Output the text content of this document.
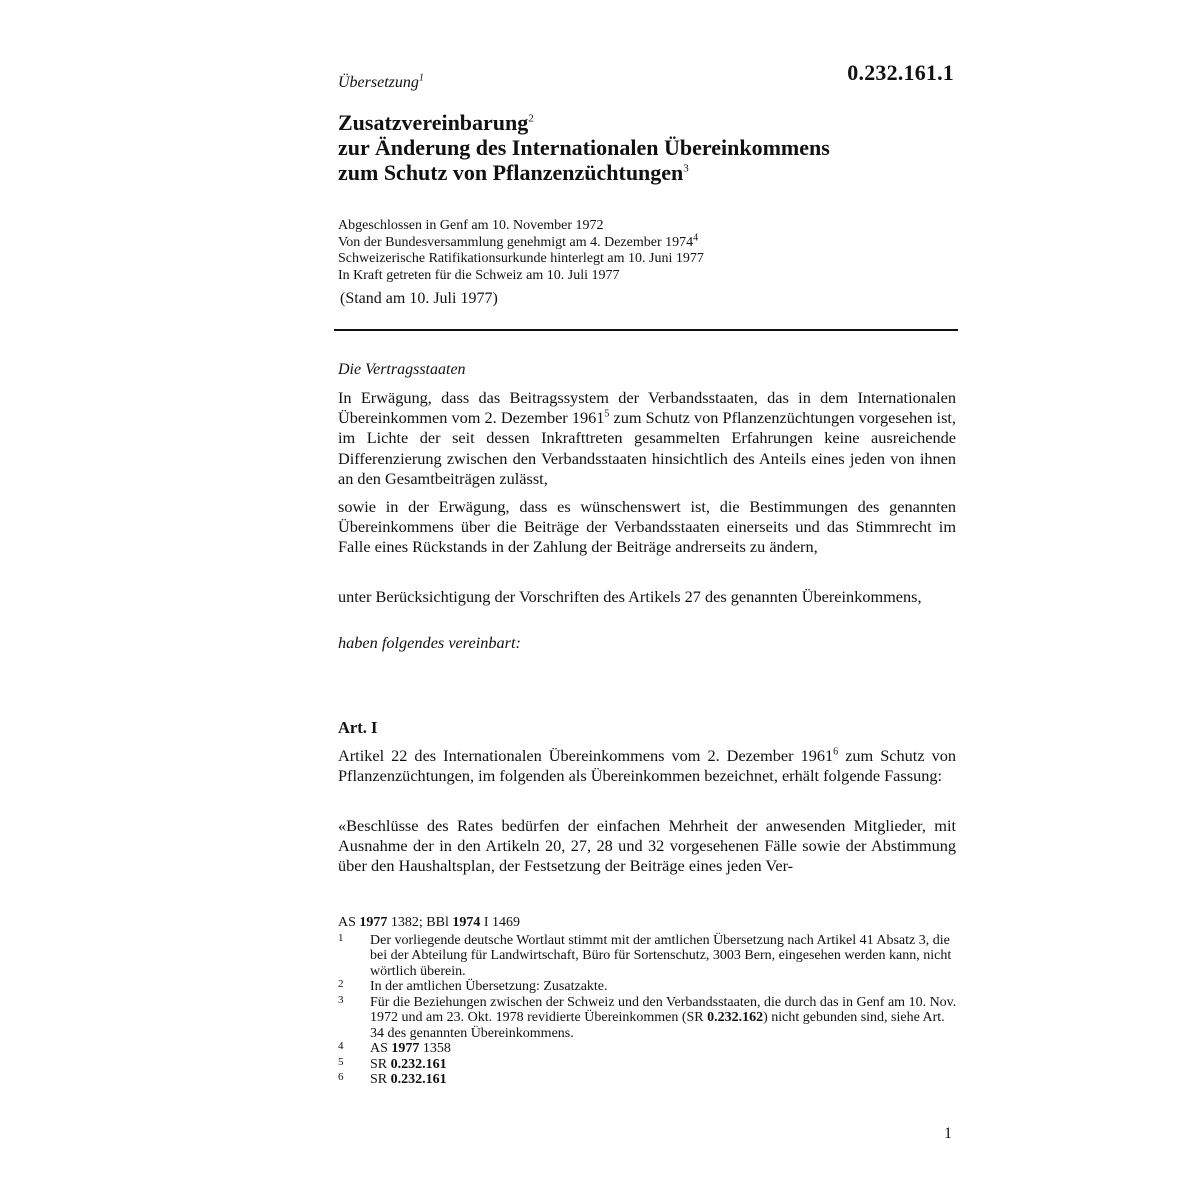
Übersetzung$^1$	0.232.161.1
Zusatzvereinbarung$^2$
zur Änderung des Internationalen Übereinkommens
zum Schutz von Pflanzenzüchtungen$^3$
Abgeschlossen in Genf am 10. November 1972
Von der Bundesversammlung genehmigt am 4. Dezember 1974$^4$
Schweizerische Ratifikationsurkunde hinterlegt am 10. Juni 1977
In Kraft getreten für die Schweiz am 10. Juli 1977
(Stand am 10. Juli 1977)
Die Vertragsstaaten

In Erwägung, dass das Beitragssystem der Verbandsstaaten, das in dem Internationalen Übereinkommen vom 2. Dezember 1961$^5$ zum Schutz von Pflanzenzüchtungen vorgesehen ist, im Lichte der seit dessen Inkrafttreten gesammelten Erfahrungen keine ausreichende Differenzierung zwischen den Verbandsstaaten hinsichtlich des Anteils eines jeden von ihnen an den Gesamtbeiträgen zulässt,

sowie in der Erwägung, dass es wünschenswert ist, die Bestimmungen des genannten Übereinkommens über die Beiträge der Verbandsstaaten einerseits und das Stimmrecht im Falle eines Rückstands in der Zahlung der Beiträge andrerseits zu ändern,

unter Berücksichtigung der Vorschriften des Artikels 27 des genannten Übereinkommens,

haben folgendes vereinbart:
Art. I

Artikel 22 des Internationalen Übereinkommens vom 2. Dezember 1961$^6$ zum Schutz von Pflanzenzüchtungen, im folgenden als Übereinkommen bezeichnet, erhält folgende Fassung:

«Beschlüsse des Rates bedürfen der einfachen Mehrheit der anwesenden Mitglieder, mit Ausnahme der in den Artikeln 20, 27, 28 und 32 vorgesehenen Fälle sowie der Abstimmung über den Haushaltsplan, der Festsetzung der Beiträge eines jeden Ver-

AS 1977 1382; BBl 1974 I 1469
1 Der vorliegende deutsche Wortlaut stimmt mit der amtlichen Übersetzung nach Artikel 41 Absatz 3, die bei der Abteilung für Landwirtschaft, Büro für Sortenschutz, 3003 Bern, eingesehen werden kann, nicht wörtlich überein.
2 In der amtlichen Übersetzung: Zusatzakte.
3 Für die Beziehungen zwischen der Schweiz und den Verbandsstaaten, die durch das in Genf am 10. Nov. 1972 und am 23. Okt. 1978 revidierte Übereinkommen (SR 0.232.162) nicht gebunden sind, siehe Art. 34 des genannten Übereinkommens.
4 AS 1977 1358
5 SR 0.232.161
6 SR 0.232.161
1
